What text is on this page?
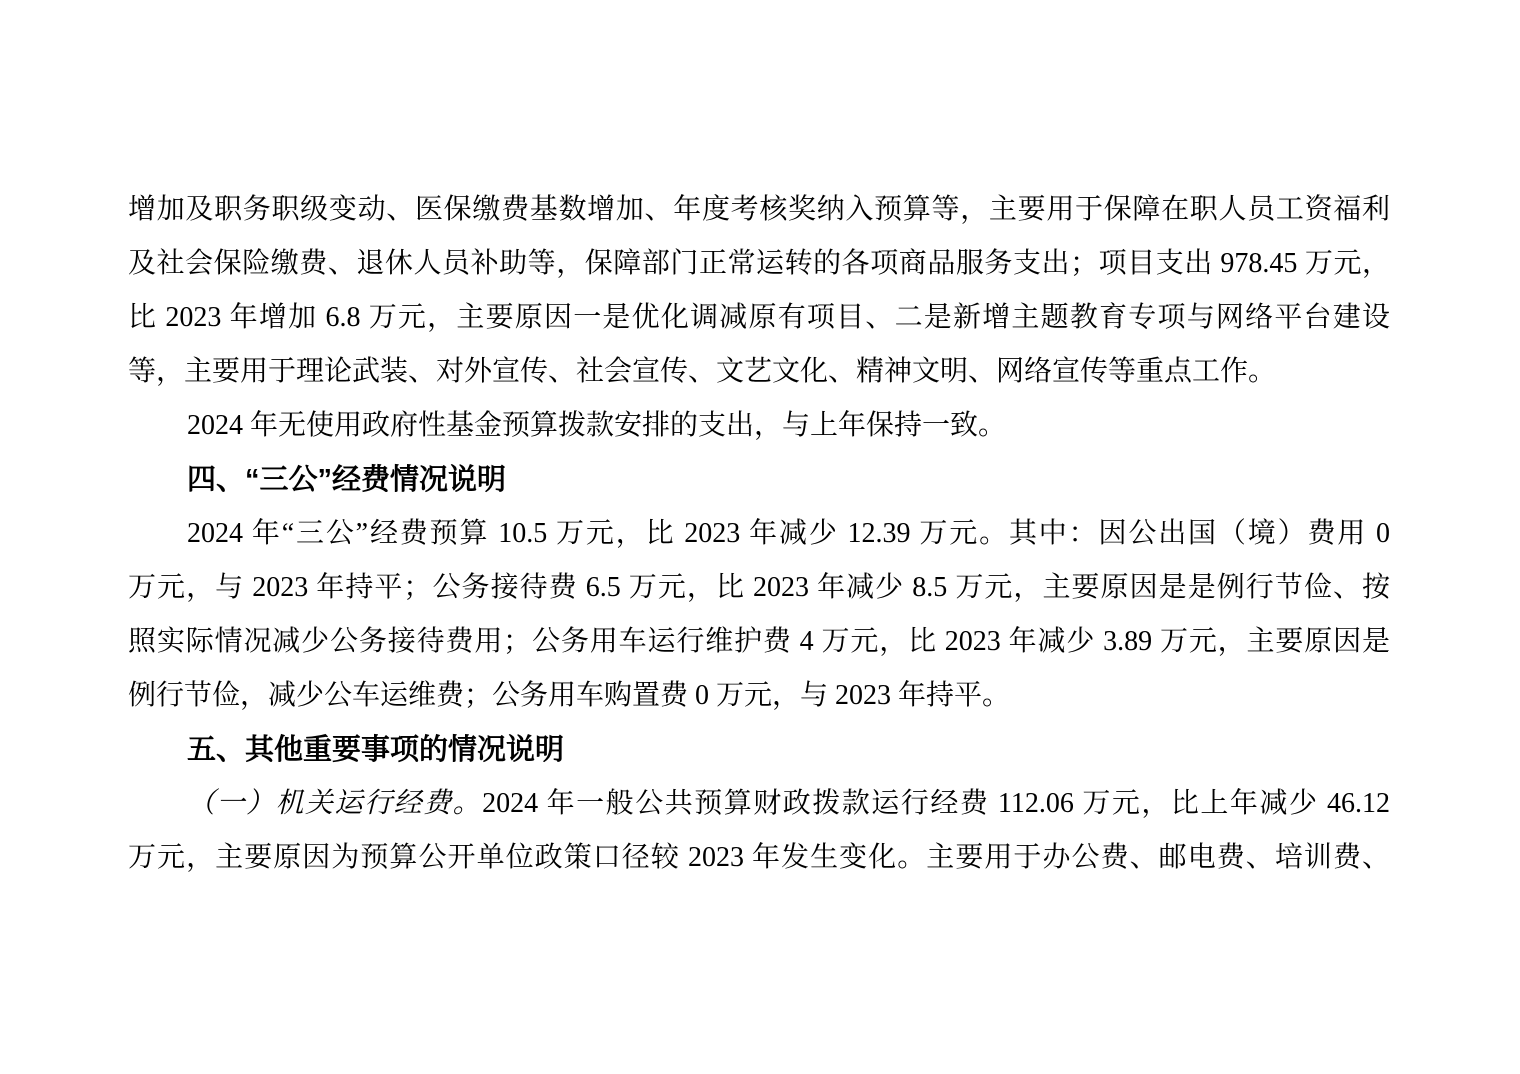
增加及职务职级变动、医保缴费基数增加、年度考核奖纳入预算等，主要用于保障在职人员工资福利
及社会保险缴费、退休人员补助等，保障部门正常运转的各项商品服务支出；项目支出 978.45 万元，
比 2023 年增加 6.8 万元，主要原因一是优化调减原有项目、二是新增主题教育专项与网络平台建设
等，主要用于理论武装、对外宣传、社会宣传、文艺文化、精神文明、网络宣传等重点工作。
2024 年无使用政府性基金预算拨款安排的支出，与上年保持一致。
四、“三公”经费情况说明
2024 年“三公”经费预算 10.5 万元，比 2023 年减少 12.39 万元。其中：因公出国（境）费用 0
万元，与 2023 年持平；公务接待费 6.5 万元，比 2023 年减少 8.5 万元，主要原因是是例行节俭、按
照实际情况减少公务接待费用；公务用车运行维护费 4 万元，比 2023 年减少 3.89 万元，主要原因是
例行节俭，减少公车运维费；公务用车购置费 0 万元，与 2023 年持平。
五、其他重要事项的情况说明
（一）机关运行经费。2024 年一般公共预算财政拨款运行经费 112.06 万元，比上年减少 46.12
万元，主要原因为预算公开单位政策口径较 2023 年发生变化。主要用于办公费、邮电费、培训费、
